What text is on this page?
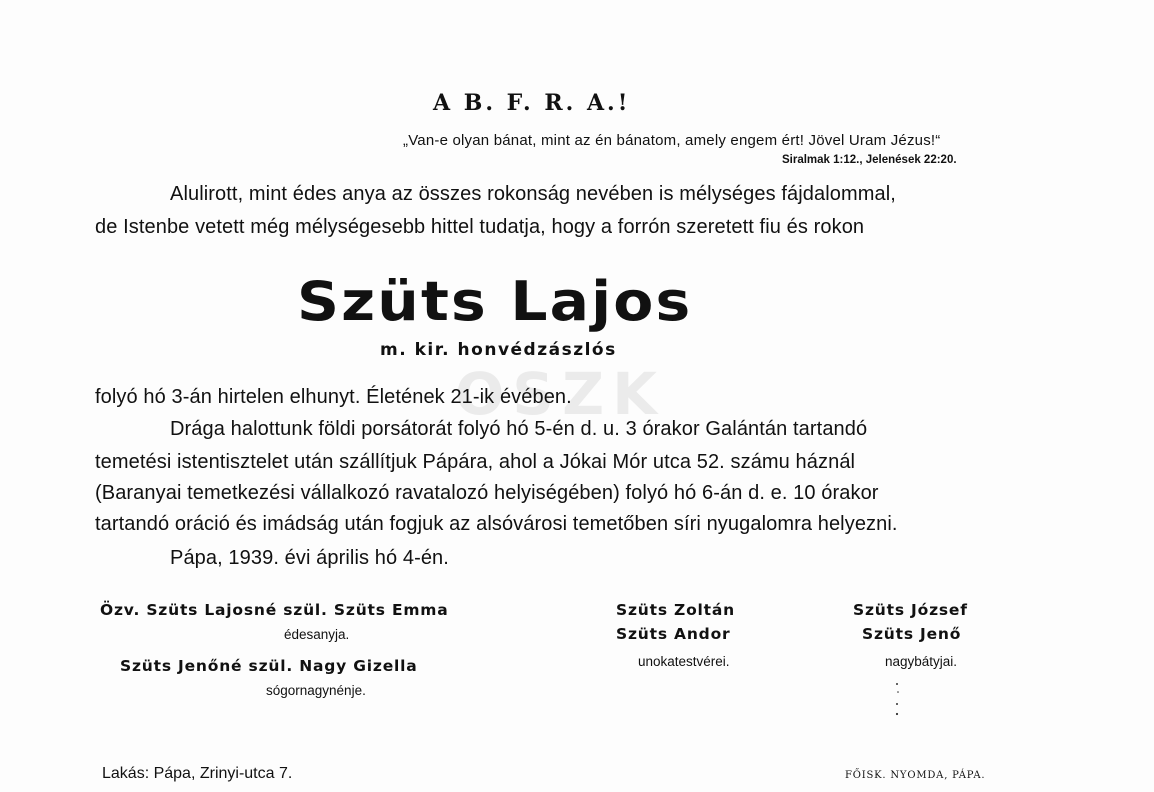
OSZK
A B. F. R. A.!
„Van-e olyan bánat, mint az én bánatom, amely engem ért! Jövel Uram Jézus!“
Siralmak 1:12., Jelenések 22:20.
Alulirott, mint édes anya az összes rokonság nevében is mélységes fájdalommal,
de Istenbe vetett még mélységesebb hittel tudatja, hogy a forrón szeretett fiu és rokon
Szüts Lajos
m. kir. honvédzászlós
folyó hó 3-án hirtelen elhunyt. Életének 21-ik évében.
Drága halottunk földi porsátorát folyó hó 5-én d. u. 3 órakor Galántán tartandó
temetési istentisztelet után szállítjuk Pápára, ahol a Jókai Mór utca 52. számu háznál
(Baranyai temetkezési vállalkozó ravatalozó helyiségében) folyó hó 6-án d. e. 10 órakor
tartandó oráció és imádság után fogjuk az alsóvárosi temetőben síri nyugalomra helyezni.
Pápa, 1939. évi április hó 4-én.
Özv. Szüts Lajosné szül. Szüts Emma
édesanyja.
Szüts Jenőné szül. Nagy Gizella
sógornagynénje.
Szüts Zoltán
Szüts Andor
unokatestvérei.
Szüts József
Szüts Jenő
nagybátyjai.
Lakás: Pápa, Zrinyi-utca 7.	FŐISK. NYOMDA, PÁPA.
